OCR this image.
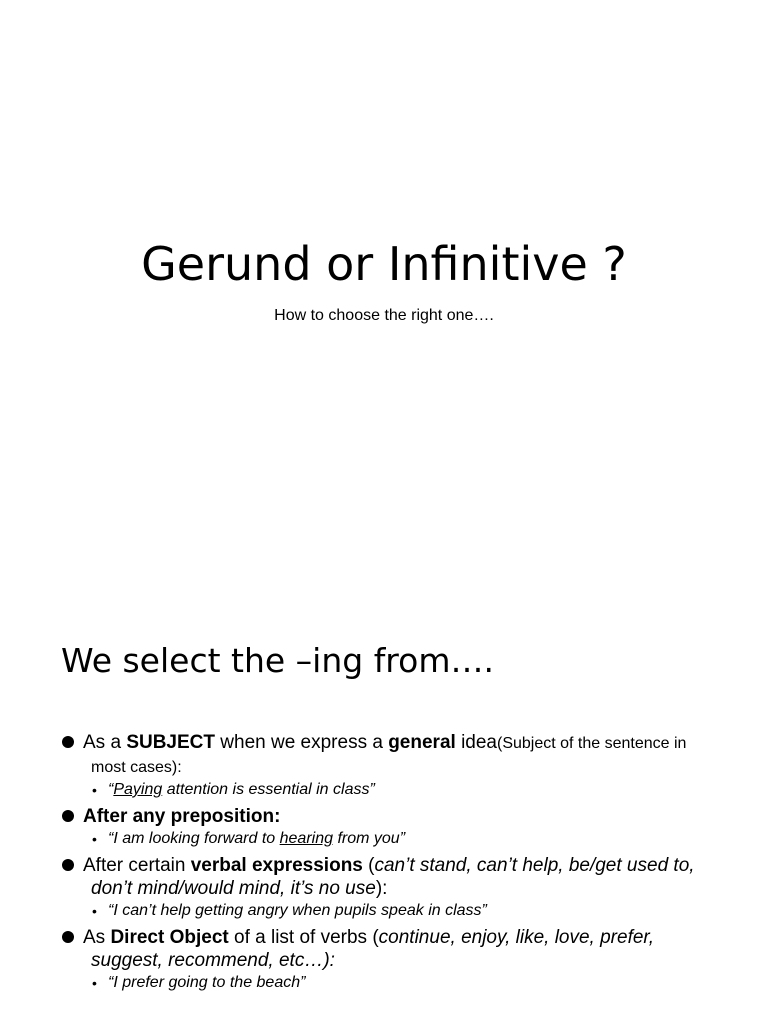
Gerund or Infinitive ?
How to choose the right one….
We select the –ing from….
As a SUBJECT when we express a general idea(Subject of the sentence in most cases):
• “Paying attention is essential in class”
After any preposition:
• “I am looking forward to hearing from you”
After certain verbal expressions (can’t stand, can’t help, be/get used to, don’t mind/would mind, it’s no use):
• “I can’t help getting angry when pupils speak in class”
As Direct Object of a list of verbs (continue, enjoy, like, love, prefer, suggest, recommend, etc…):
• “I prefer going to the beach”
